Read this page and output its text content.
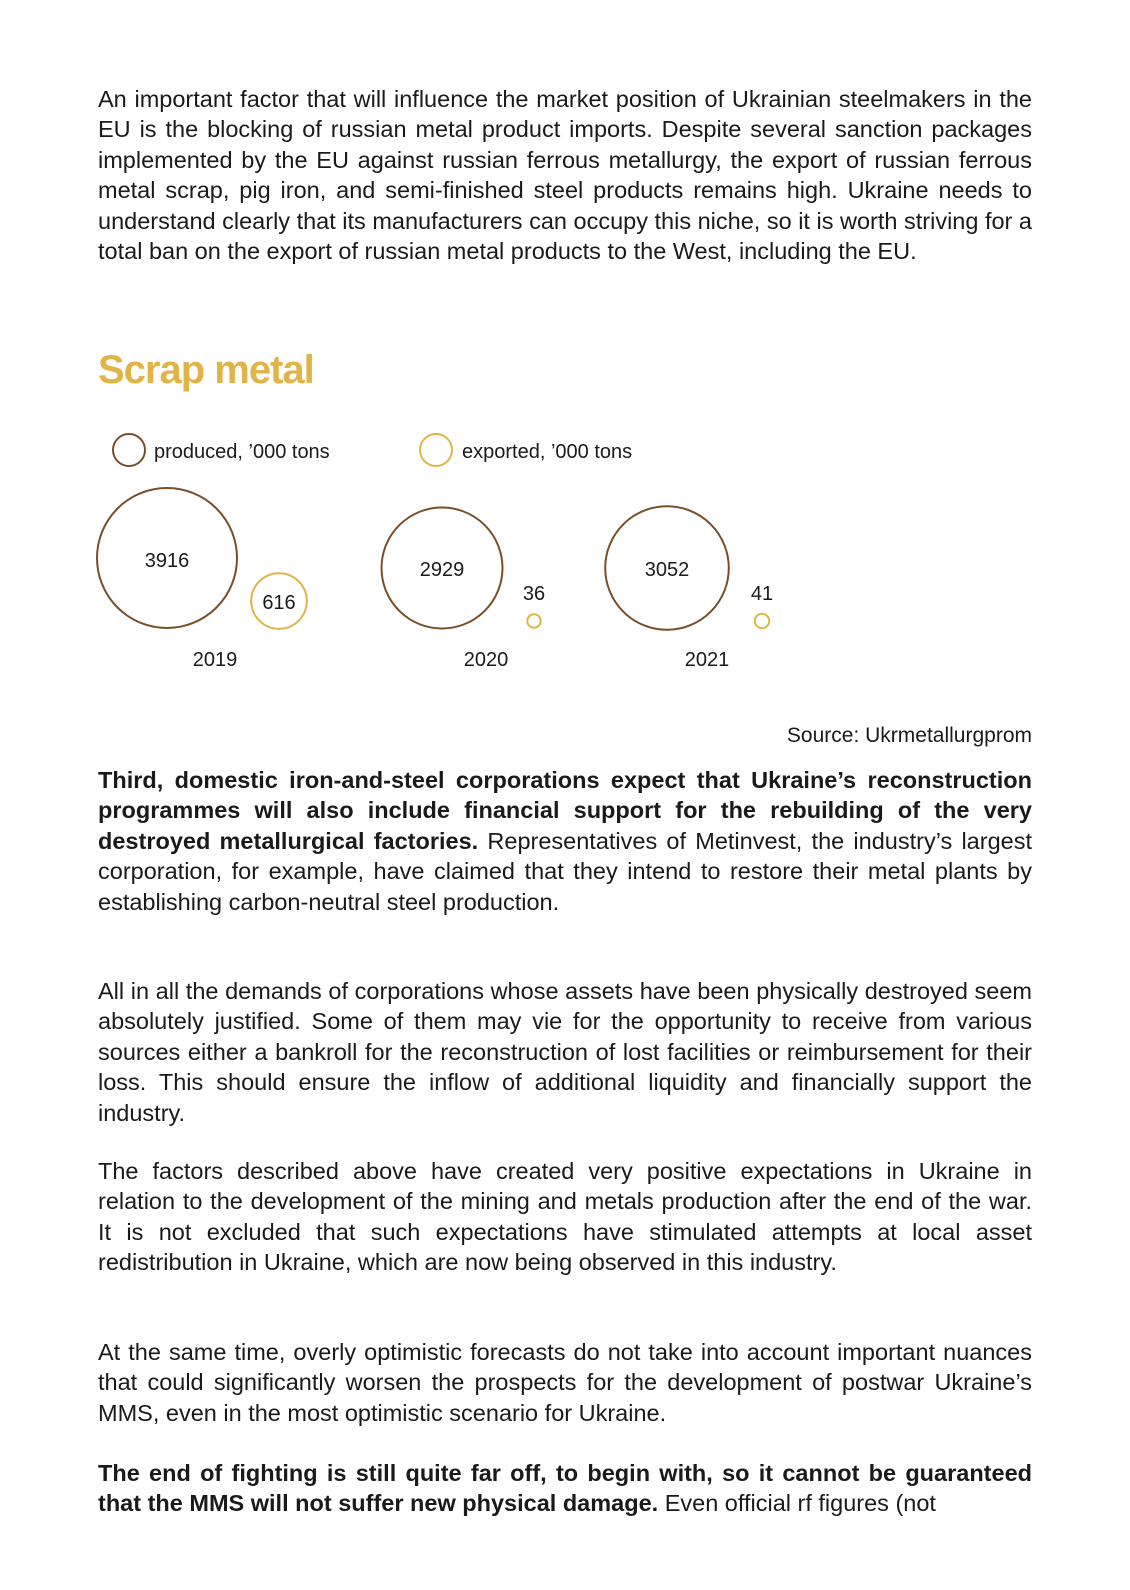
An important factor that will influence the market position of Ukrainian steelmakers in the EU is the blocking of russian metal product imports. Despite several sanction packages implemented by the EU against russian ferrous metallurgy, the export of russian ferrous metal scrap, pig iron, and semi-finished steel products remains high. Ukraine needs to understand clearly that its manufacturers can occupy this niche, so it is worth striving for a total ban on the export of russian metal products to the West, including the EU.

Scrap metal
produced, ’000 tons	exported, ’000 tons
3916
616
2019
2929
36
2020
3052
41
2021
Source: Ukrmetallurgprom

Third, domestic iron-and-steel corporations expect that Ukraine’s reconstruction programmes will also include financial support for the rebuilding of the very destroyed metallurgical factories. Representatives of Metinvest, the industry’s largest corporation, for example, have claimed that they intend to restore their metal plants by establishing carbon-neutral steel production.

All in all the demands of corporations whose assets have been physically destroyed seem absolutely justified. Some of them may vie for the opportunity to receive from various sources either a bankroll for the reconstruction of lost facilities or reimbursement for their loss. This should ensure the inflow of additional liquidity and financially support the industry.

The factors described above have created very positive expectations in Ukraine in relation to the development of the mining and metals production after the end of the war. It is not excluded that such expectations have stimulated attempts at local asset redistribution in Ukraine, which are now being observed in this industry.

At the same time, overly optimistic forecasts do not take into account important nuances that could significantly worsen the prospects for the development of postwar Ukraine’s MMS, even in the most optimistic scenario for Ukraine.

The end of fighting is still quite far off, to begin with, so it cannot be guaranteed that the MMS will not suffer new physical damage. Even official rf figures (not
